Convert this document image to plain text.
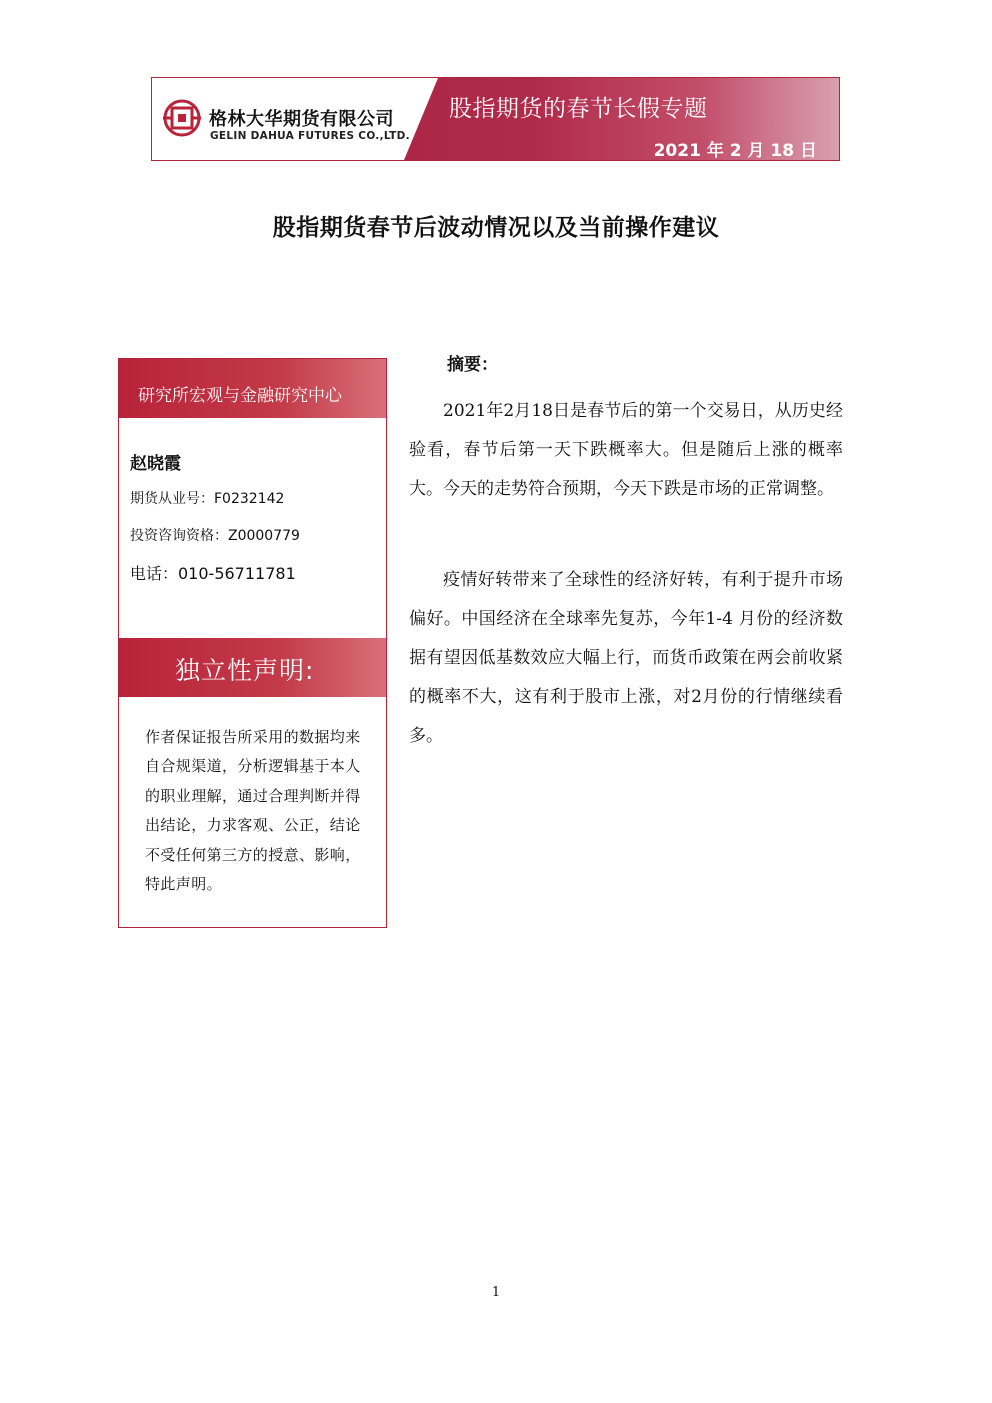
格林大华期货有限公司
GELIN DAHUA FUTURES CO.,LTD.
股指期货的春节长假专题
2021 年 2 月 18 日
股指期货春节后波动情况以及当前操作建议
研究所宏观与金融研究中心
赵晓霞
期货从业号：F0232142
投资咨询资格：Z0000779
电话：010-56711781
独立性声明:
作者保证报告所采用的数据均来自合规渠道，分析逻辑基于本人的职业理解，通过合理判断并得出结论，力求客观、公正，结论不受任何第三方的授意、影响，特此声明。
摘要：

2021年2月18日是春节后的第一个交易日，从历史经验看，春节后第一天下跌概率大。但是随后上涨的概率大。今天的走势符合预期，今天下跌是市场的正常调整。

疫情好转带来了全球性的经济好转，有利于提升市场偏好。中国经济在全球率先复苏，今年1-4 月份的经济数据有望因低基数效应大幅上行，而货币政策在两会前收紧的概率不大，这有利于股市上涨，对2月份的行情继续看多。

1
